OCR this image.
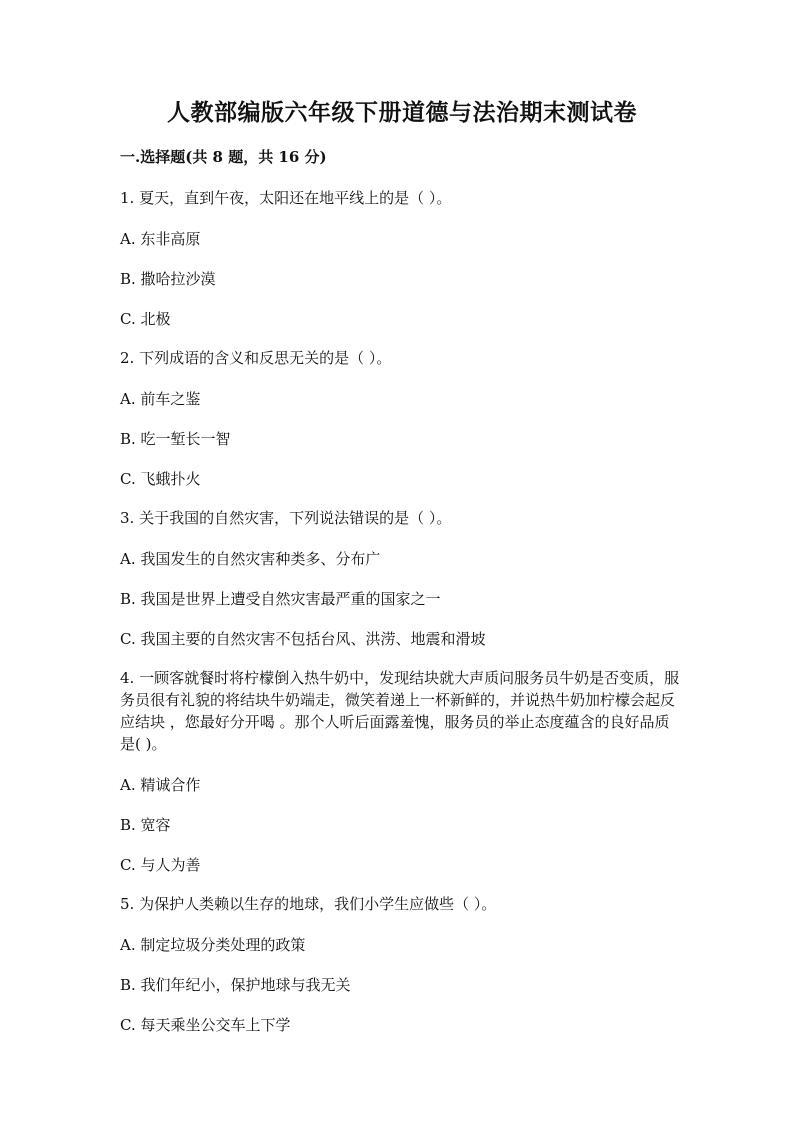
人教部编版六年级下册道德与法治期末测试卷

一.选择题(共 8 题，共 16 分)

1. 夏天，直到午夜，太阳还在地平线上的是（ ）。

A. 东非高原

B. 撒哈拉沙漠

C. 北极

2. 下列成语的含义和反思无关的是（ ）。

A. 前车之鉴

B. 吃一堑长一智

C. 飞蛾扑火

3. 关于我国的自然灾害，下列说法错误的是（ ）。

A. 我国发生的自然灾害种类多、分布广

B. 我国是世界上遭受自然灾害最严重的国家之一

C. 我国主要的自然灾害不包括台风、洪涝、地震和滑坡

4. 一顾客就餐时将柠檬倒入热牛奶中，发现结块就大声质问服务员牛奶是否变质，服务员很有礼貌的将结块牛奶端走，微笑着递上一杯新鲜的，并说热牛奶加柠檬会起反应结块 ，您最好分开喝 。那个人听后面露羞愧，服务员的举止态度蕴含的良好品质是( )。

A. 精诚合作

B. 宽容

C. 与人为善

5. 为保护人类赖以生存的地球，我们小学生应做些（ ）。

A. 制定垃圾分类处理的政策

B. 我们年纪小，保护地球与我无关

C. 每天乘坐公交车上下学
